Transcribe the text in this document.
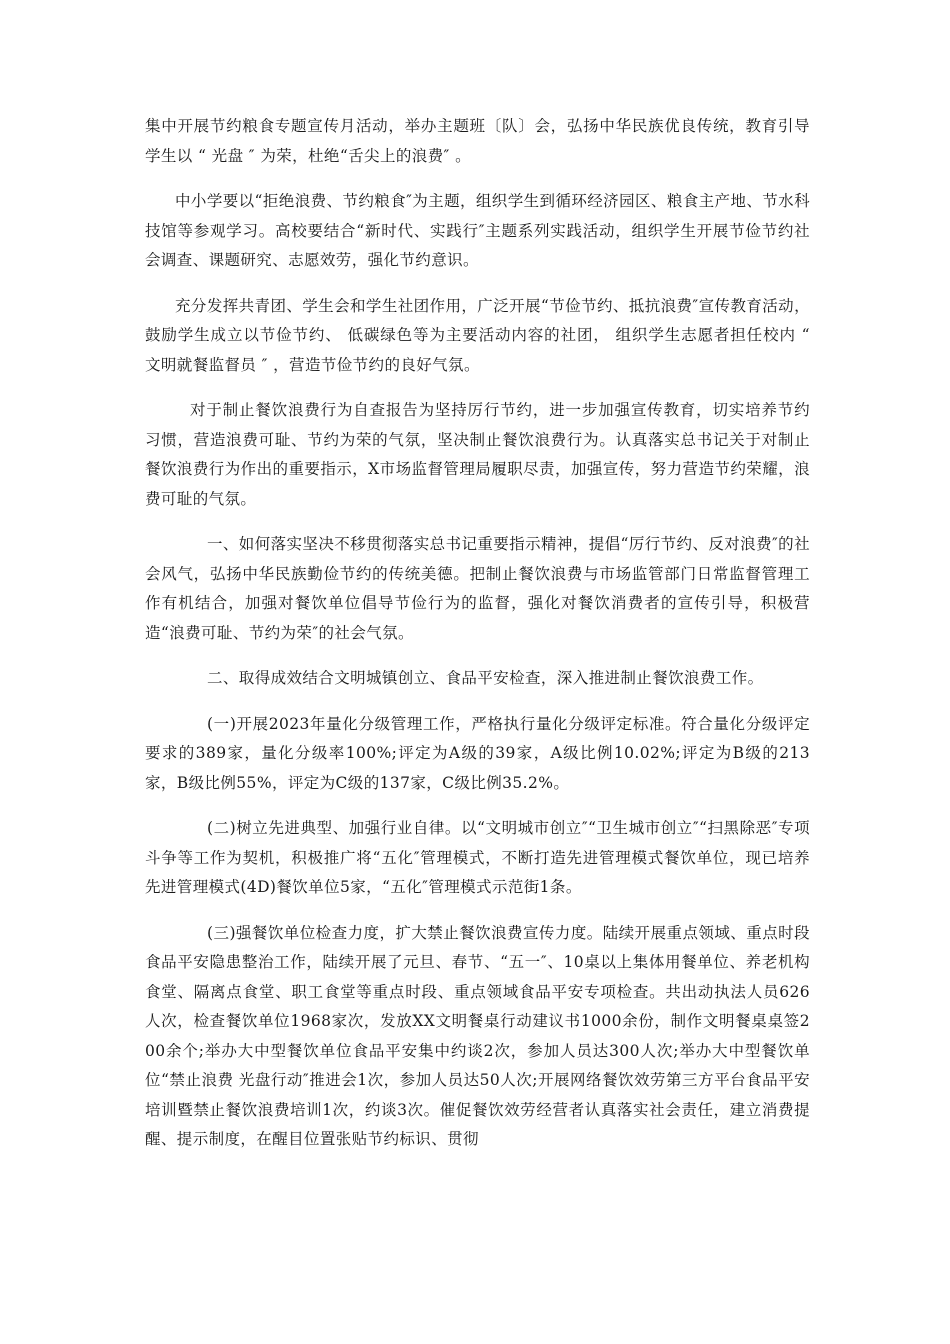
集中开展节约粮食专题宣传月活动，举办主题班〔队〕会，弘扬中华民族优良传统，教育引导学生以 “ 光盘 ″ 为荣，杜绝“舌尖上的浪费″ 。

中小学要以“拒绝浪费、节约粮食″为主题，组织学生到循环经济园区、粮食主产地、节水科技馆等参观学习。高校要结合“新时代、实践行″主题系列实践活动，组织学生开展节俭节约社会调查、课题研究、志愿效劳，强化节约意识。

充分发挥共青团、学生会和学生社团作用，广泛开展“节俭节约、抵抗浪费″宣传教育活动，鼓励学生成立以节俭节约、 低碳绿色等为主要活动内容的社团， 组织学生志愿者担任校内 “ 文明就餐监督员 ″ ，营造节俭节约的良好气氛。

对于制止餐饮浪费行为自查报告为坚持厉行节约，进一步加强宣传教育，切实培养节约习惯，营造浪费可耻、节约为荣的气氛，坚决制止餐饮浪费行为。认真落实总书记关于对制止餐饮浪费行为作出的重要指示，X市场监督管理局履职尽责，加强宣传，努力营造节约荣耀，浪费可耻的气氛。

一、如何落实坚决不移贯彻落实总书记重要指示精神，提倡“厉行节约、反对浪费″的社会风气，弘扬中华民族勤俭节约的传统美德。把制止餐饮浪费与市场监管部门日常监督管理工作有机结合，加强对餐饮单位倡导节俭行为的监督，强化对餐饮消费者的宣传引导，积极营造“浪费可耻、节约为荣″的社会气氛。

二、取得成效结合文明城镇创立、食品平安检查，深入推进制止餐饮浪费工作。

(一)开展2023年量化分级管理工作，严格执行量化分级评定标准。符合量化分级评定要求的389家，量化分级率100%;评定为A级的39家，A级比例10.02%;评定为B级的213家，B级比例55%，评定为C级的137家，C级比例35.2%。

(二)树立先进典型、加强行业自律。以“文明城市创立″“卫生城市创立″“扫黑除恶″专项斗争等工作为契机，积极推广将“五化″管理模式，不断打造先进管理模式餐饮单位，现已培养先进管理模式(4D)餐饮单位5家，“五化″管理模式示范街1条。

(三)强餐饮单位检查力度，扩大禁止餐饮浪费宣传力度。陆续开展重点领域、重点时段食品平安隐患整治工作，陆续开展了元旦、春节、“五一″、10桌以上集体用餐单位、养老机构食堂、隔离点食堂、职工食堂等重点时段、重点领域食品平安专项检查。共出动执法人员626人次，检查餐饮单位1968家次，发放XX文明餐桌行动建议书1000余份，制作文明餐桌桌签200余个;举办大中型餐饮单位食品平安集中约谈2次，参加人员达300人次;举办大中型餐饮单位“禁止浪费 光盘行动″推进会1次，参加人员达50人次;开展网络餐饮效劳第三方平台食品平安培训暨禁止餐饮浪费培训1次，约谈3次。催促餐饮效劳经营者认真落实社会责任，建立消费提醒、提示制度，在醒目位置张贴节约标识、贯彻
